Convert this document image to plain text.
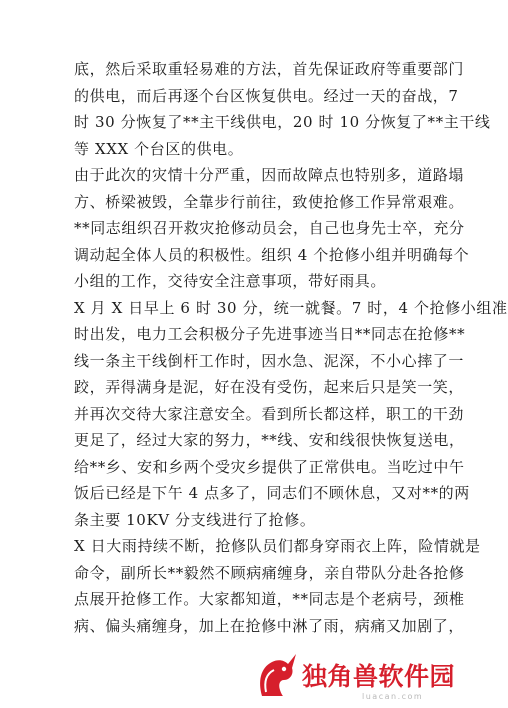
底，然后采取重轻易难的方法，首先保证政府等重要部门
的供电，而后再逐个台区恢复供电。经过一天的奋战，7
时 30 分恢复了**主干线供电，20 时 10 分恢复了**主干线
等 XXX 个台区的供电。
由于此次的灾情十分严重，因而故障点也特别多，道路塌
方、桥梁被毁，全靠步行前往，致使抢修工作异常艰难。
**同志组织召开救灾抢修动员会，自己也身先士卒，充分
调动起全体人员的积极性。组织 4 个抢修小组并明确每个
小组的工作，交待安全注意事项，带好雨具。
X 月 X 日早上 6 时 30 分，统一就餐。7 时，4 个抢修小组准
时出发，电力工会积极分子先进事迹当日**同志在抢修**
线一条主干线倒杆工作时，因水急、泥深，不小心摔了一
跤，弄得满身是泥，好在没有受伤，起来后只是笑一笑，
并再次交待大家注意安全。看到所长都这样，职工的干劲
更足了，经过大家的努力，**线、安和线很快恢复送电，
给**乡、安和乡两个受灾乡提供了正常供电。当吃过中午
饭后已经是下午 4 点多了，同志们不顾休息，又对**的两
条主要 10KV 分支线进行了抢修。
X 日大雨持续不断，抢修队员们都身穿雨衣上阵，险情就是
命令，副所长**毅然不顾病痛缠身，亲自带队分赴各抢修
点展开抢修工作。大家都知道，**同志是个老病号，颈椎
病、偏头痛缠身，加上在抢修中淋了雨，病痛又加剧了，
独角兽软件园
luacan.com
